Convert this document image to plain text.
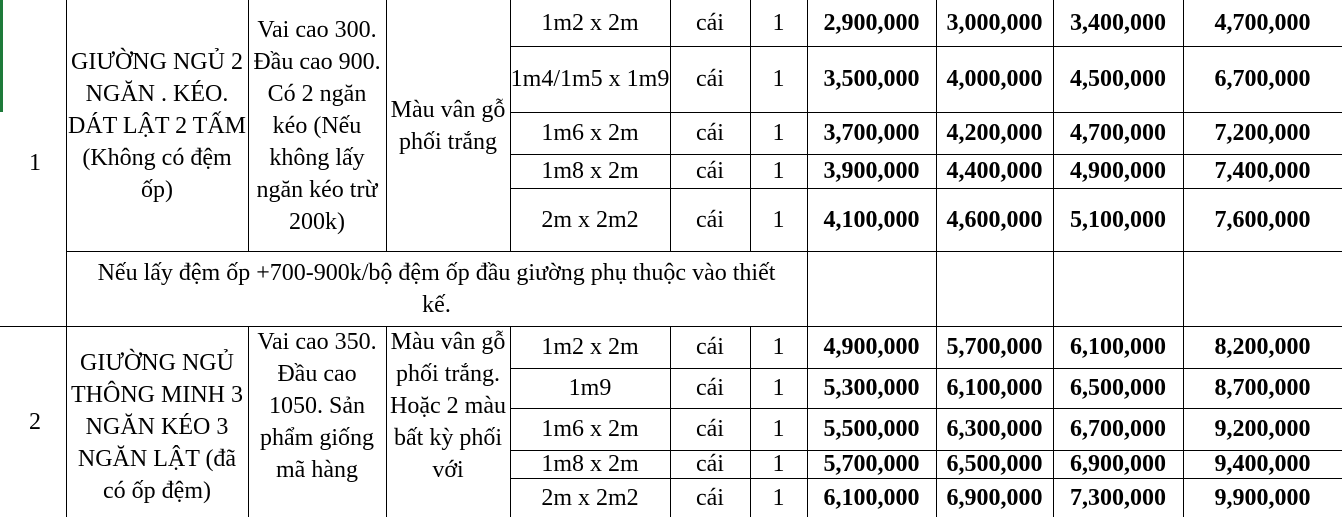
1
GIƯỜNG NGỦ 2 NGĂN . KÉO. DÁT LẬT 2 TẤM (Không có đệm ốp)
Vai cao 300. Đầu cao 900. Có 2 ngăn kéo (Nếu không lấy ngăn kéo trừ 200k)
Màu vân gỗ phối trắng
1m2 x 2m	cái	1	2,900,000	3,000,000	3,400,000	4,700,000
1m4/1m5 x 1m9	cái	1	3,500,000	4,000,000	4,500,000	6,700,000
1m6 x 2m	cái	1	3,700,000	4,200,000	4,700,000	7,200,000
1m8 x 2m	cái	1	3,900,000	4,400,000	4,900,000	7,400,000
2m x 2m2	cái	1	4,100,000	4,600,000	5,100,000	7,600,000
Nếu lấy đệm ốp +700-900k/bộ đệm ốp đầu giường phụ thuộc vào thiết kế.
2
GIƯỜNG NGỦ THÔNG MINH 3 NGĂN KÉO 3 NGĂN LẬT (đã có ốp đệm)
Vai cao 350. Đầu cao 1050. Sản phẩm giống mã hàng
Màu vân gỗ phối trắng. Hoặc 2 màu bất kỳ phối với
1m2 x 2m	cái	1	4,900,000	5,700,000	6,100,000	8,200,000
1m9	cái	1	5,300,000	6,100,000	6,500,000	8,700,000
1m6 x 2m	cái	1	5,500,000	6,300,000	6,700,000	9,200,000
1m8 x 2m	cái	1	5,700,000	6,500,000	6,900,000	9,400,000
2m x 2m2	cái	1	6,100,000	6,900,000	7,300,000	9,900,000
